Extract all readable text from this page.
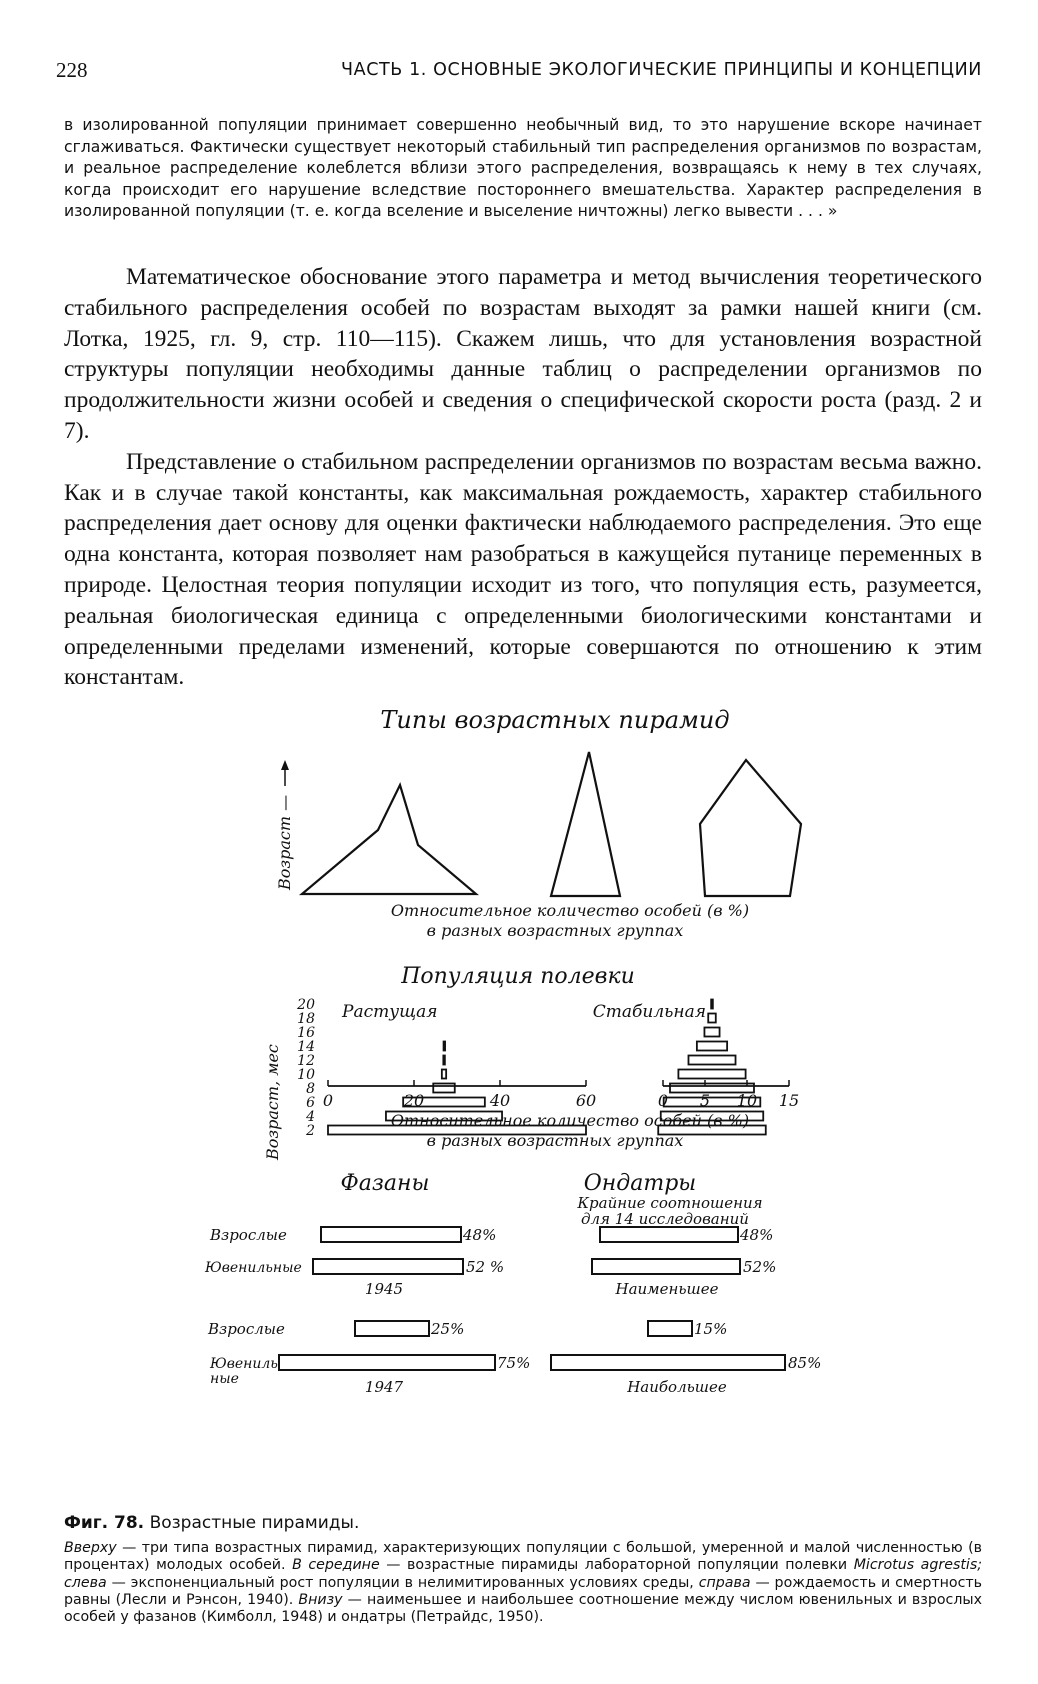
228	ЧАСТЬ 1. ОСНОВНЫЕ ЭКОЛОГИЧЕСКИЕ ПРИНЦИПЫ И КОНЦЕПЦИИ
в изолированной популяции принимает совершенно необычный вид, то это нарушение вскоре начинает сглаживаться. Фактически существует некоторый стабильный тип распределения организмов по возрастам, и реальное распределение колеблется вблизи этого распределения, возвращаясь к нему в тех случаях, когда происходит его нарушение вследствие постороннего вмешательства. Характер распределения в изолированной популяции (т. е. когда вселение и выселение ничтожны) легко вывести . . . »

Математическое обоснование этого параметра и метод вычисления теоретического стабильного распределения особей по возрастам выходят за рамки нашей книги (см. Лотка, 1925, гл. 9, стр. 110—115). Скажем лишь, что для установления возрастной структуры популяции необходимы данные таблиц о распределении организмов по продолжительности жизни особей и сведения о специфической скорости роста (разд. 2 и 7).

Представление о стабильном распределении организмов по возрастам весьма важно. Как и в случае такой константы, как максимальная рождаемость, характер стабильного распределения дает основу для оценки фактически наблюдаемого распределения. Это еще одна константа, которая позволяет нам разобраться в кажущейся путанице переменных в природе. Целостная теория популяции исходит из того, что популяция есть, разумеется, реальная биологическая единица с определенными биологическими константами и определенными пределами изменений, которые совершаются по отношению к этим константам.

Типы возрастных пирамид
Возраст —
Относительное количество особей (в %)
в разных возрастных группах
Популяция полевки
Возраст, мес
Растущая	Стабильная
2
4
6
8
10
12
14
16
18
20
0	20	40	60	0 5 10 15
Относительное количество особей (в %)
в разных возрастных группах
Фазаны	Ондатры
Крайние соотношения
для 14 исследований
Взрослые	48%
Ювенильные	52 %
1945
48%
52%
Наименьшее
Взрослые	25%
Ювениль
ные
75%
1947
15%
85%
Наибольшее
Фиг. 78. Возрастные пирамиды.
Вверху — три типа возрастных пирамид, характеризующих популяции с большой, умеренной и малой численностью (в процентах) молодых особей. В середине — возрастные пирамиды лабораторной популяции полевки Microtus agrestis; слева — экспоненциальный рост популяции в нелимитированных условиях среды, справа — рождаемость и смертность равны (Лесли и Рэнсон, 1940). Внизу — наименьшее и наибольшее соотношение между числом ювенильных и взрослых особей у фазанов (Кимболл, 1948) и ондатры (Петрайдс, 1950).
